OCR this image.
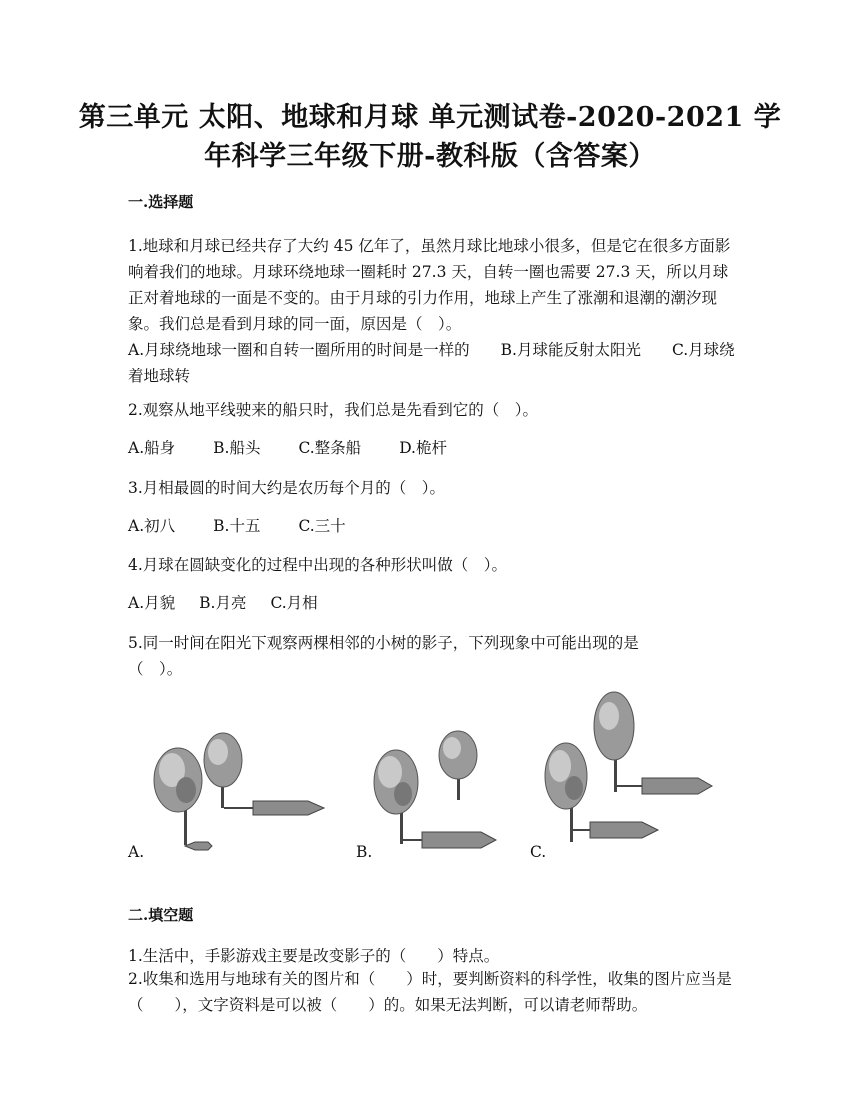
第三单元 太阳、地球和月球 单元测试卷-2020-2021 学
年科学三年级下册-教科版（含答案）
一.选择题

1.地球和月球已经共存了大约 45 亿年了，虽然月球比地球小很多，但是它在很多方面影响着我们的地球。月球环绕地球一圈耗时 27.3 天，自转一圈也需要 27.3 天，所以月球正对着地球的一面是不变的。由于月球的引力作用，地球上产生了涨潮和退潮的潮汐现象。我们总是看到月球的同一面，原因是（　）。

A.月球绕地球一圈和自转一圈所用的时间是一样的　　B.月球能反射太阳光　　C.月球绕着地球转

2.观察从地平线驶来的船只时，我们总是先看到它的（　）。

A.船身 B.船头 C.整条船 D.桅杆

3.月相最圆的时间大约是农历每个月的（　）。

A.初八 B.十五 C.三十

4.月球在圆缺变化的过程中出现的各种形状叫做（　）。

A.月貌 B.月亮 C.月相

5.同一时间在阳光下观察两棵相邻的小树的影子，下列现象中可能出现的是（　）。

A.	B.	C.
二.填空题

1.生活中，手影游戏主要是改变影子的（　　）特点。

2.收集和选用与地球有关的图片和（　　）时，要判断资料的科学性，收集的图片应当是（　　），文字资料是可以被（　　）的。如果无法判断，可以请老师帮助。
